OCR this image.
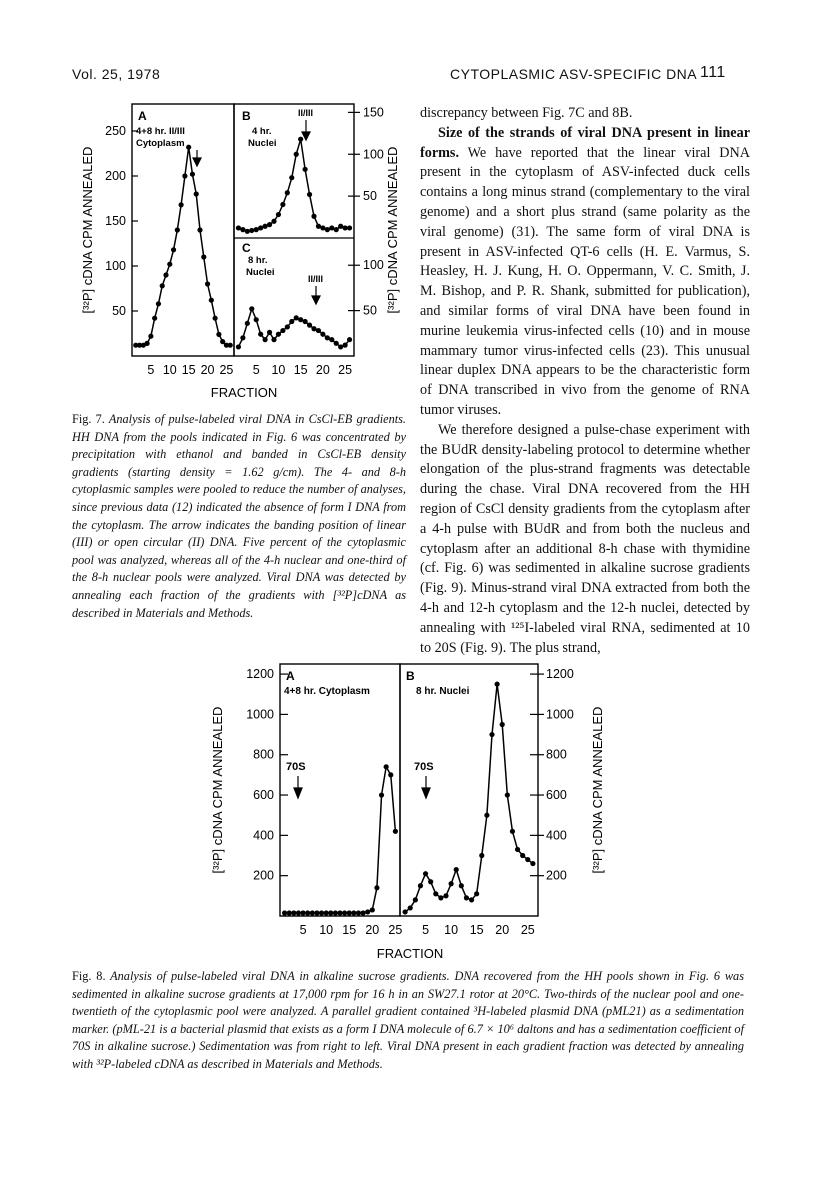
Vol. 25, 1978	CYTOPLASMIC ASV-SPECIFIC DNA 111
A
4+8 hr. II/III
Cytoplasm
B
4 hr.
Nuclei
II/III
C
8 hr.
Nuclei
II/III
[³²P] cDNA CPM ANNEALED	[³²P] cDNA CPM ANNEALED
250
200
150
100
50
150
100
50
100
50
5	5
10	10
15	15
20	20
25	25
FRACTION
Fig. 7. Analysis of pulse-labeled viral DNA in CsCl-EB gradients. HH DNA from the pools indicated in Fig. 6 was concentrated by precipitation with ethanol and banded in CsCl-EB density gradients (starting density = 1.62 g/cm). The 4- and 8-h cytoplasmic samples were pooled to reduce the number of analyses, since previous data (12) indicated the absence of form I DNA from the cytoplasm. The arrow indicates the banding position of linear (III) or open circular (II) DNA. Five percent of the cytoplasmic pool was analyzed, whereas all of the 4-h nuclear and one-third of the 8-h nuclear pools were analyzed. Viral DNA was detected by annealing each fraction of the gradients with [³²P]cDNA as described in Materials and Methods.

discrepancy between Fig. 7C and 8B.

Size of the strands of viral DNA present in linear forms. We have reported that the linear viral DNA present in the cytoplasm of ASV-infected duck cells contains a long minus strand (complementary to the viral genome) and a short plus strand (same polarity as the viral genome) (31). The same form of viral DNA is present in ASV-infected QT-6 cells (H. E. Varmus, S. Heasley, H. J. Kung, H. O. Oppermann, V. C. Smith, J. M. Bishop, and P. R. Shank, submitted for publication), and similar forms of viral DNA have been found in murine leukemia virus-infected cells (10) and in mouse mammary tumor virus-infected cells (23). This unusual linear duplex DNA appears to be the characteristic form of DNA transcribed in vivo from the genome of RNA tumor viruses.

We therefore designed a pulse-chase experiment with the BUdR density-labeling protocol to determine whether elongation of the plus-strand fragments was detectable during the chase. Viral DNA recovered from the HH region of CsCl density gradients from the cytoplasm after a 4-h pulse with BUdR and from both the nucleus and cytoplasm after an additional 8-h chase with thymidine (cf. Fig. 6) was sedimented in alkaline sucrose gradients (Fig. 9). Minus-strand viral DNA extracted from both the 4-h and 12-h cytoplasm and the 12-h nuclei, detected by annealing with ¹²⁵I-labeled viral RNA, sedimented at 10 to 20S (Fig. 9). The plus strand,

A
4+8 hr. Cytoplasm
B
8 hr. Nuclei
70S	70S
[³²P] cDNA CPM ANNEALED	[³²P] cDNA CPM ANNEALED
1200	1200
1000	1000
800	800
600	600
400	400
200	200
5	5
10	10
15	15
20	20
25	25
FRACTION
Fig. 8. Analysis of pulse-labeled viral DNA in alkaline sucrose gradients. DNA recovered from the HH pools shown in Fig. 6 was sedimented in alkaline sucrose gradients at 17,000 rpm for 16 h in an SW27.1 rotor at 20°C. Two-thirds of the nuclear pool and one-twentieth of the cytoplasmic pool were analyzed. A parallel gradient contained ³H-labeled plasmid DNA (pML21) as a sedimentation marker. (pML-21 is a bacterial plasmid that exists as a form I DNA molecule of 6.7 × 10⁶ daltons and has a sedimentation coefficient of 70S in alkaline sucrose.) Sedimentation was from right to left. Viral DNA present in each gradient fraction was detected by annealing with ³²P-labeled cDNA as described in Materials and Methods.
